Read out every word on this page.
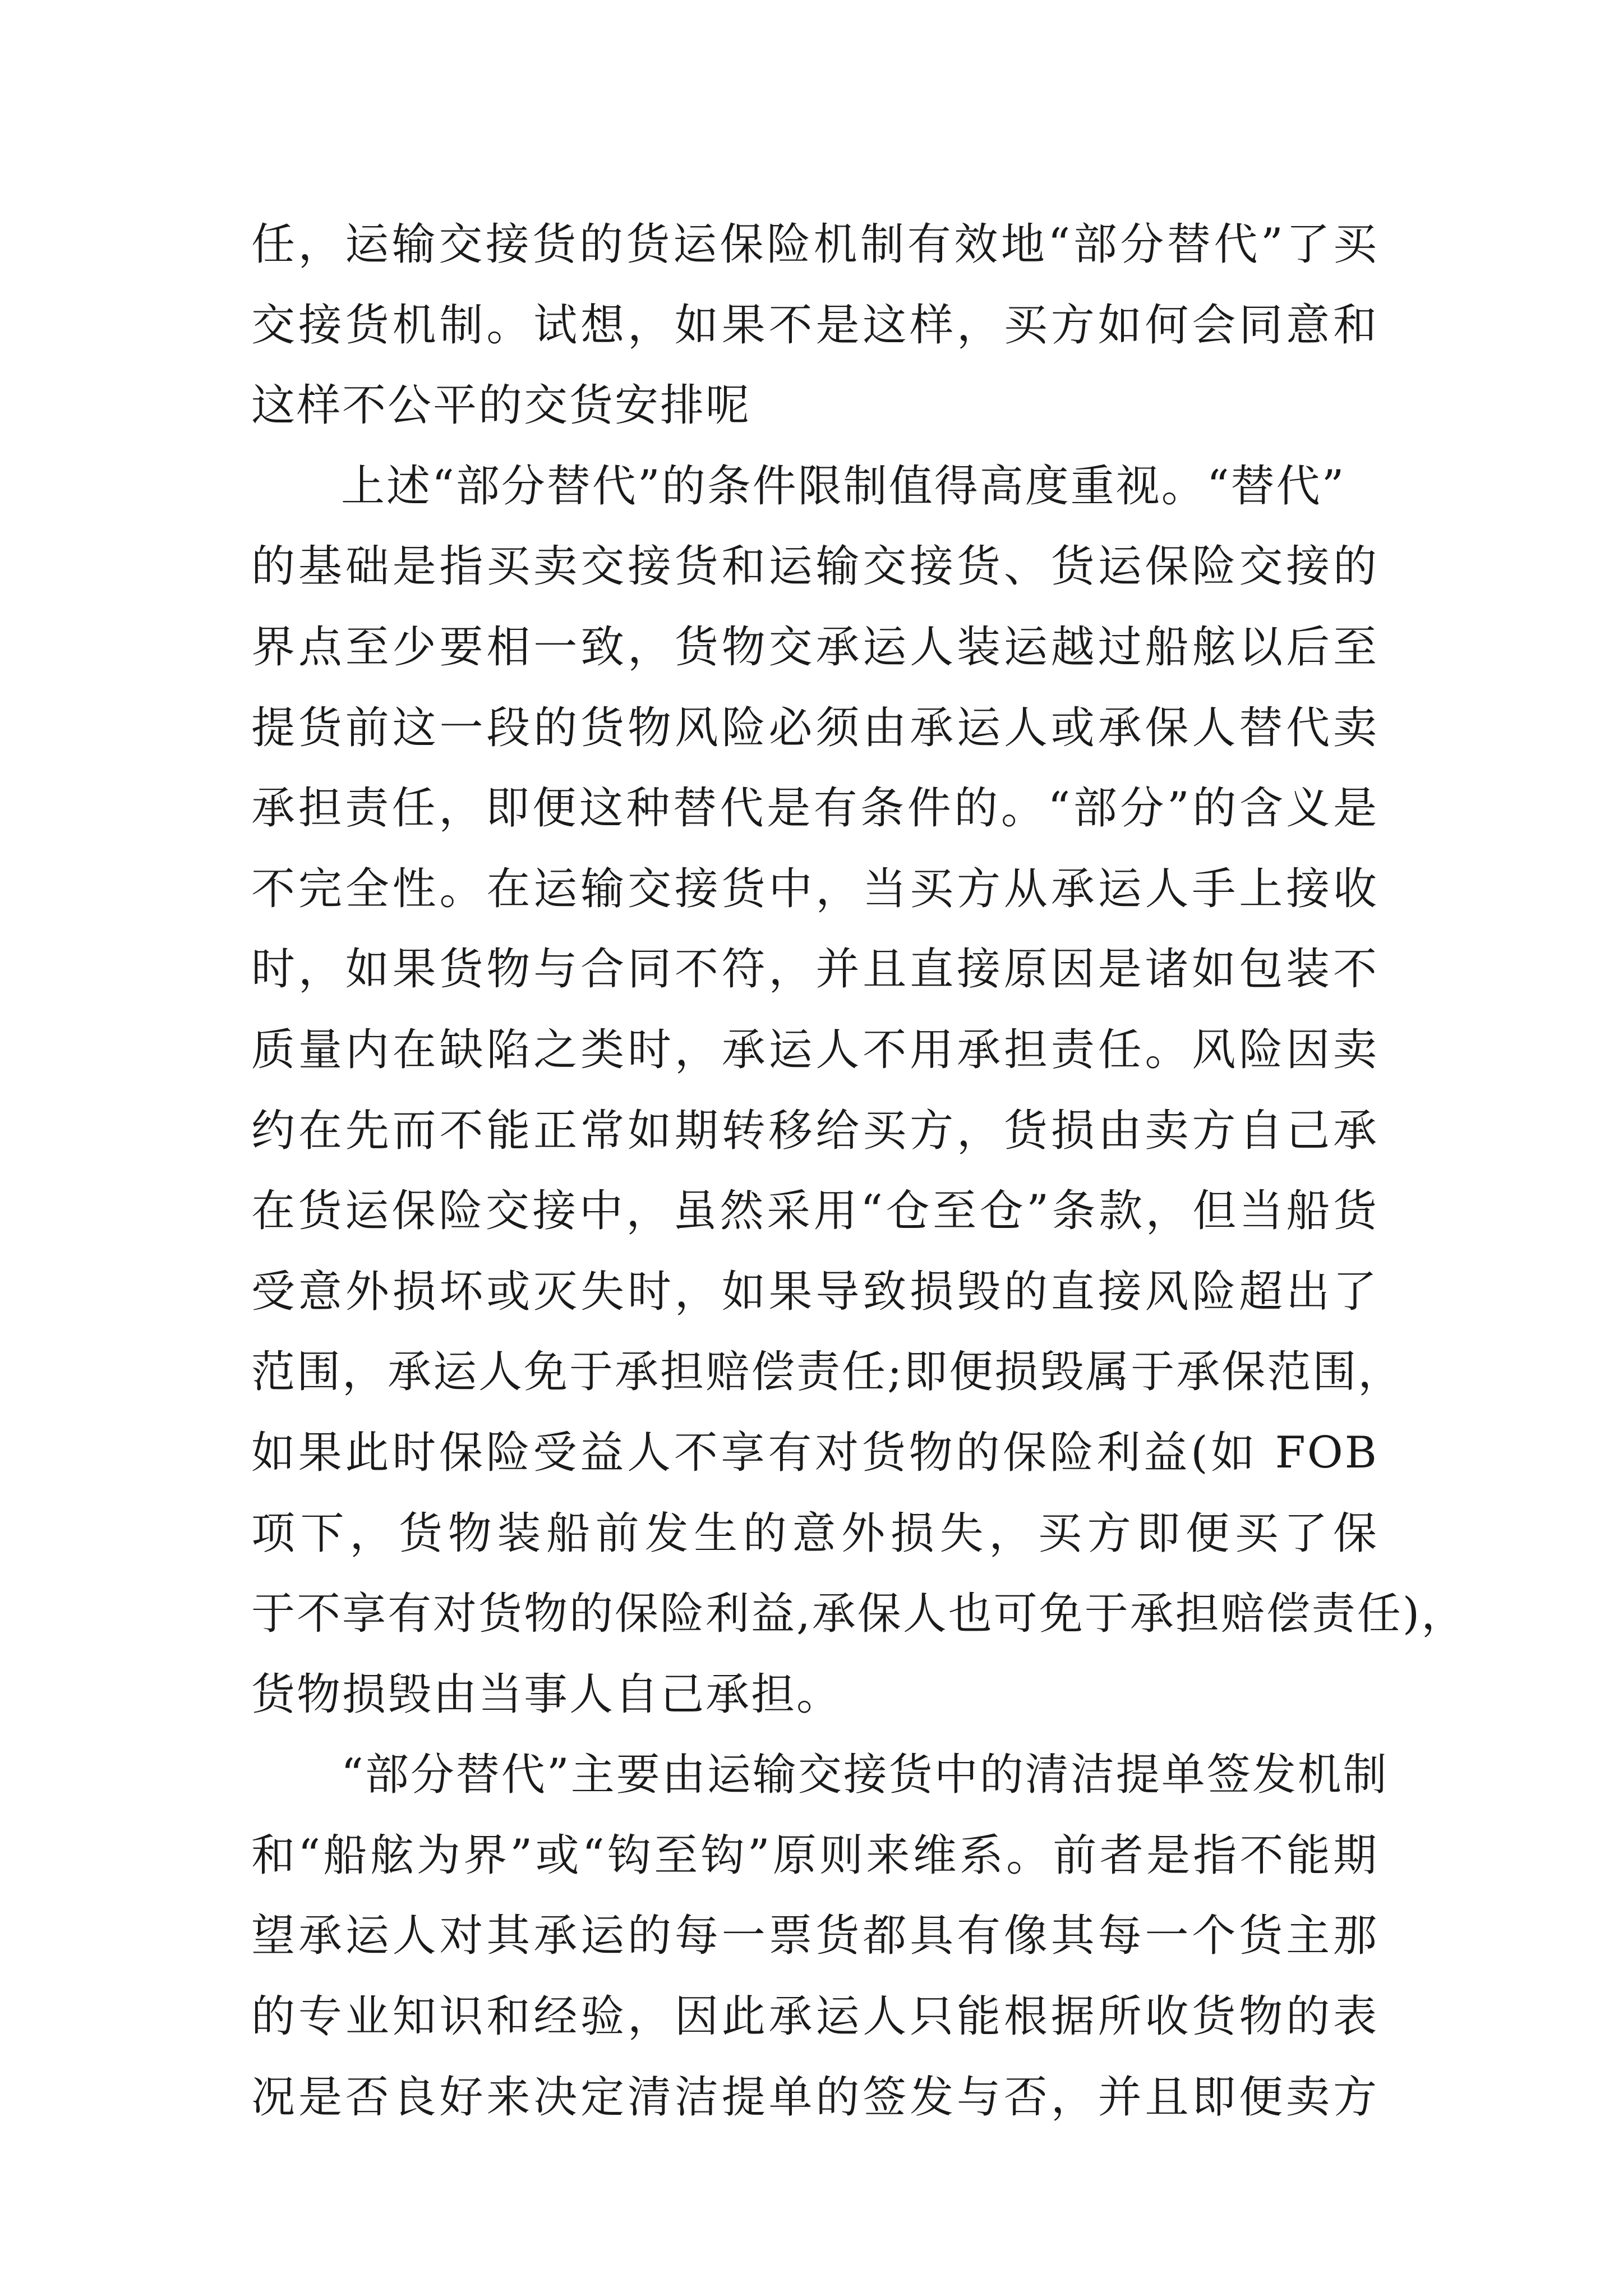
任，运输交接货的货运保险机制有效地“部分替代”了买
交接货机制。试想，如果不是这样，买方如何会同意和
这样不公平的交货安排呢
上述“部分替代”的条件限制值得高度重视。“替代”
的基础是指买卖交接货和运输交接货、货运保险交接的
界点至少要相一致，货物交承运人装运越过船舷以后至
提货前这一段的货物风险必须由承运人或承保人替代卖
承担责任，即便这种替代是有条件的。“部分”的含义是
不完全性。在运输交接货中，当买方从承运人手上接收
时，如果货物与合同不符，并且直接原因是诸如包装不
质量内在缺陷之类时，承运人不用承担责任。风险因卖
约在先而不能正常如期转移给买方，货损由卖方自己承
在货运保险交接中，虽然采用“仓至仓”条款，但当船货
受意外损坏或灭失时，如果导致损毁的直接风险超出了
范围，承运人免于承担赔偿责任;即便损毁属于承保范围，
如果此时保险受益人不享有对货物的保险利益(如 FOB
项下，货物装船前发生的意外损失，买方即便买了保
于不享有对货物的保险利益,承保人也可免于承担赔偿责任)，
货物损毁由当事人自己承担。
“部分替代”主要由运输交接货中的清洁提单签发机制
和“船舷为界”或“钩至钩”原则来维系。前者是指不能期
望承运人对其承运的每一票货都具有像其每一个货主那
的专业知识和经验，因此承运人只能根据所收货物的表
况是否良好来决定清洁提单的签发与否，并且即便卖方
